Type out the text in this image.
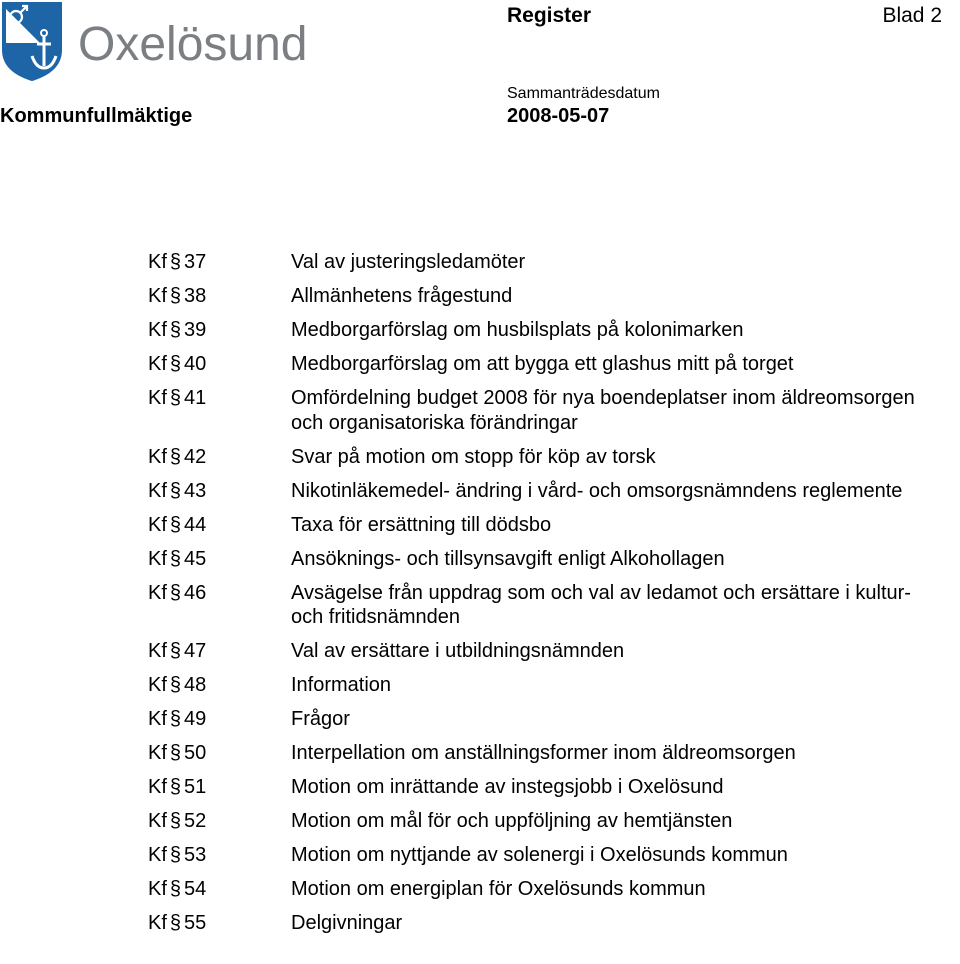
Oxelösund
Register	Blad 2
Sammanträdesdatum
Kommunfullmäktige	2008-05-07
Kf § 37	Val av justeringsledamöter
Kf § 38	Allmänhetens frågestund
Kf § 39	Medborgarförslag om husbilsplats på kolonimarken
Kf § 40	Medborgarförslag om att bygga ett glashus mitt på torget
Kf § 41	Omfördelning budget 2008 för nya boendeplatser inom äldreomsorgen och organisatoriska förändringar
Kf § 42	Svar på motion om stopp för köp av torsk
Kf § 43	Nikotinläkemedel- ändring i vård- och omsorgsnämndens reglemente
Kf § 44	Taxa för ersättning till dödsbo
Kf § 45	Ansöknings- och tillsynsavgift enligt Alkohollagen
Kf § 46	Avsägelse från uppdrag som och val av ledamot och ersättare i kultur- och fritidsnämnden
Kf § 47	Val av ersättare i utbildningsnämnden
Kf § 48	Information
Kf § 49	Frågor
Kf § 50	Interpellation om anställningsformer inom äldreomsorgen
Kf § 51	Motion om inrättande av instegsjobb i Oxelösund
Kf § 52	Motion om mål för och uppföljning av hemtjänsten
Kf § 53	Motion om nyttjande av solenergi i Oxelösunds kommun
Kf § 54	Motion om energiplan för Oxelösunds kommun
Kf § 55	Delgivningar
